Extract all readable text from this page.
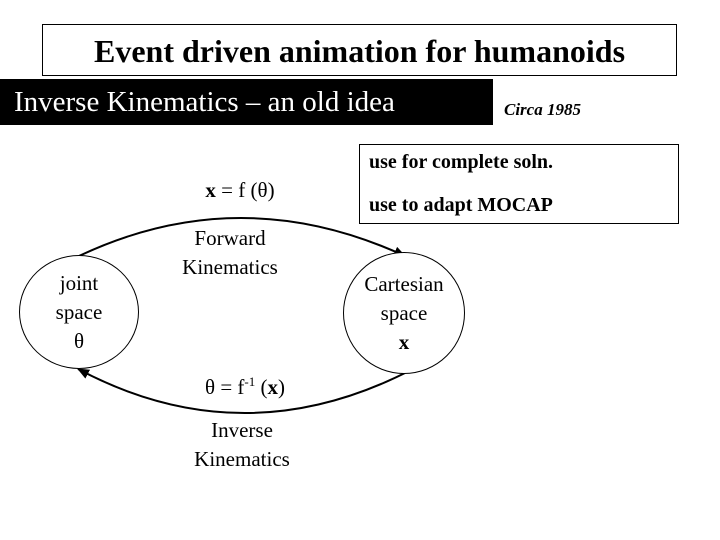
Event driven animation for humanoids
Inverse Kinematics – an old idea	Circa 1985
use for complete soln.
use to adapt MOCAP
joint
space
θ
Cartesian
space
x
x = f (θ)
Forward
Kinematics
$\theta = f^{-1}$ (x)
Inverse
Kinematics
